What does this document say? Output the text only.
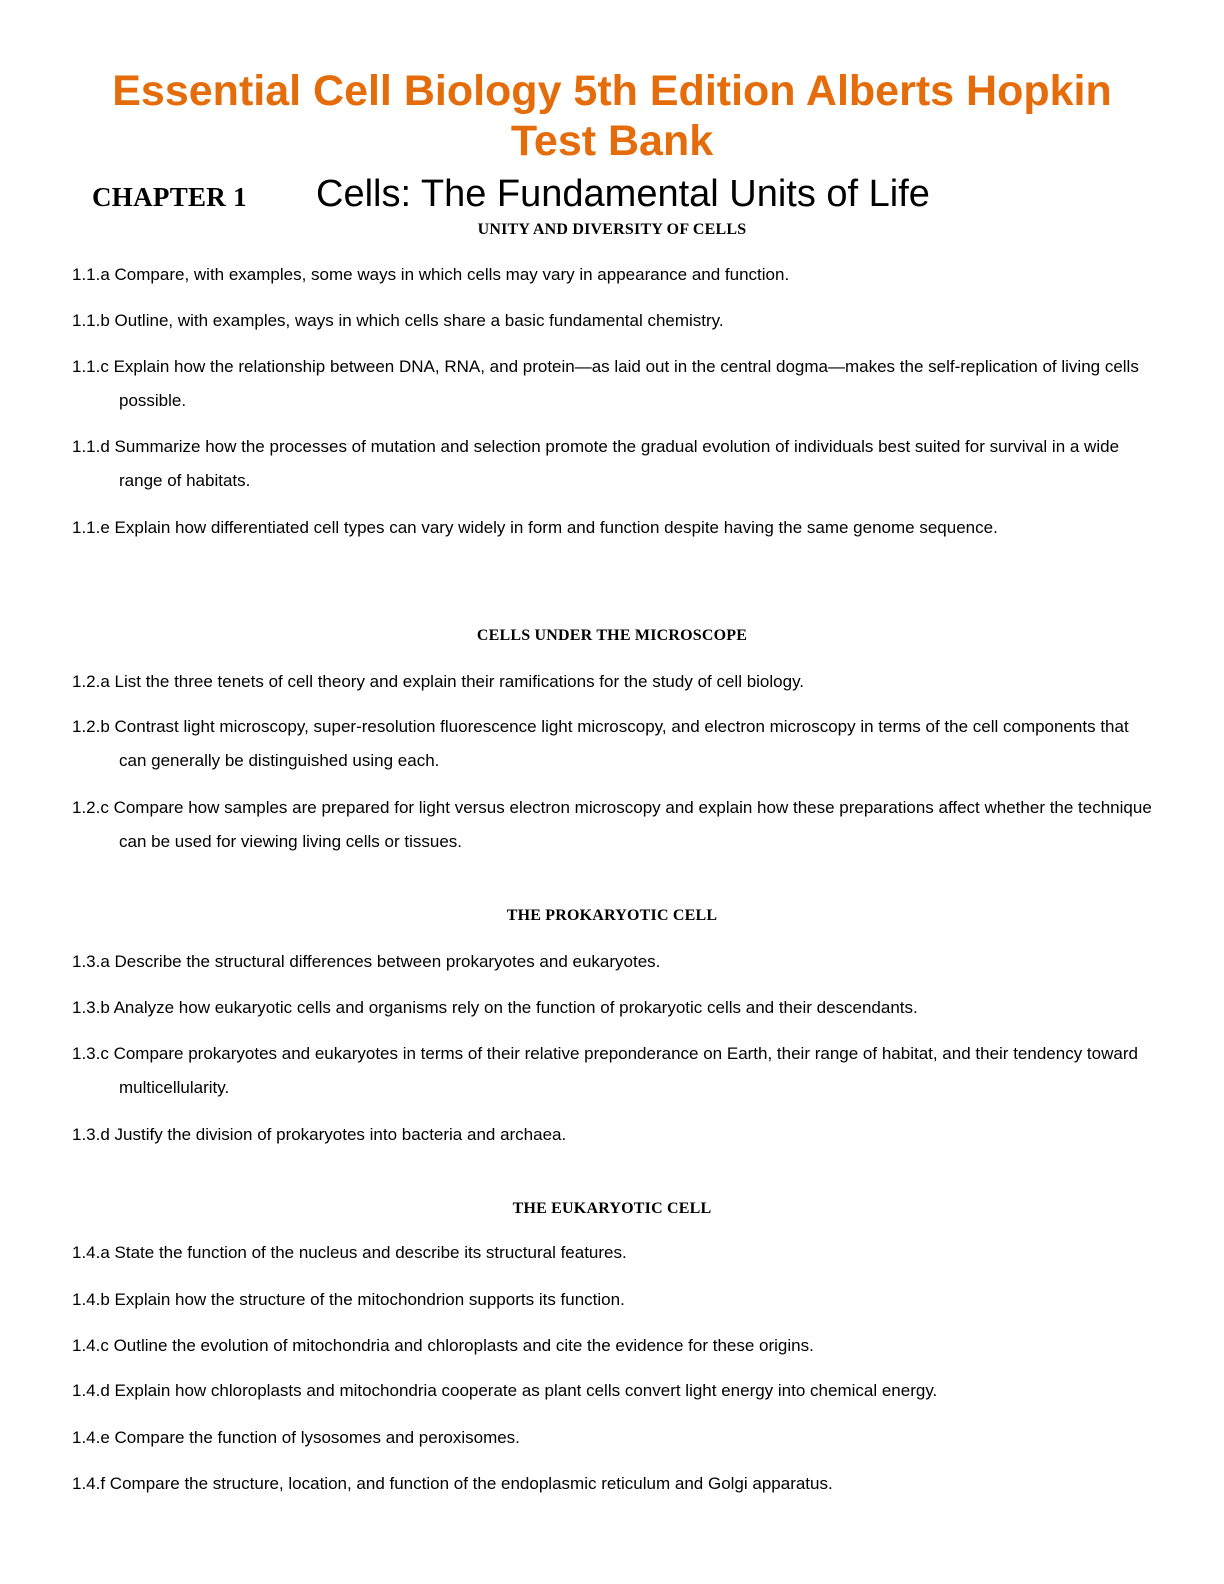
Essential Cell Biology 5th Edition Alberts Hopkin
Test Bank
CHAPTER 1 Cells: The Fundamental Units of Life
UNITY AND DIVERSITY OF CELLS
1.1.a Compare, with examples, some ways in which cells may vary in appearance and function.
1.1.b Outline, with examples, ways in which cells share a basic fundamental chemistry.
1.1.c Explain how the relationship between DNA, RNA, and protein—as laid out in the central dogma—makes the self-replication of living cells possible.
1.1.d Summarize how the processes of mutation and selection promote the gradual evolution of individuals best suited for survival in a wide range of habitats.
1.1.e Explain how differentiated cell types can vary widely in form and function despite having the same genome sequence.
CELLS UNDER THE MICROSCOPE
1.2.a List the three tenets of cell theory and explain their ramifications for the study of cell biology.
1.2.b Contrast light microscopy, super-resolution fluorescence light microscopy, and electron microscopy in terms of the cell components that can generally be distinguished using each.
1.2.c Compare how samples are prepared for light versus electron microscopy and explain how these preparations affect whether the technique can be used for viewing living cells or tissues.
THE PROKARYOTIC CELL
1.3.a Describe the structural differences between prokaryotes and eukaryotes.
1.3.b Analyze how eukaryotic cells and organisms rely on the function of prokaryotic cells and their descendants.
1.3.c Compare prokaryotes and eukaryotes in terms of their relative preponderance on Earth, their range of habitat, and their tendency toward multicellularity.
1.3.d Justify the division of prokaryotes into bacteria and archaea.
THE EUKARYOTIC CELL
1.4.a State the function of the nucleus and describe its structural features.
1.4.b Explain how the structure of the mitochondrion supports its function.
1.4.c Outline the evolution of mitochondria and chloroplasts and cite the evidence for these origins.
1.4.d Explain how chloroplasts and mitochondria cooperate as plant cells convert light energy into chemical energy.
1.4.e Compare the function of lysosomes and peroxisomes.
1.4.f Compare the structure, location, and function of the endoplasmic reticulum and Golgi apparatus.
